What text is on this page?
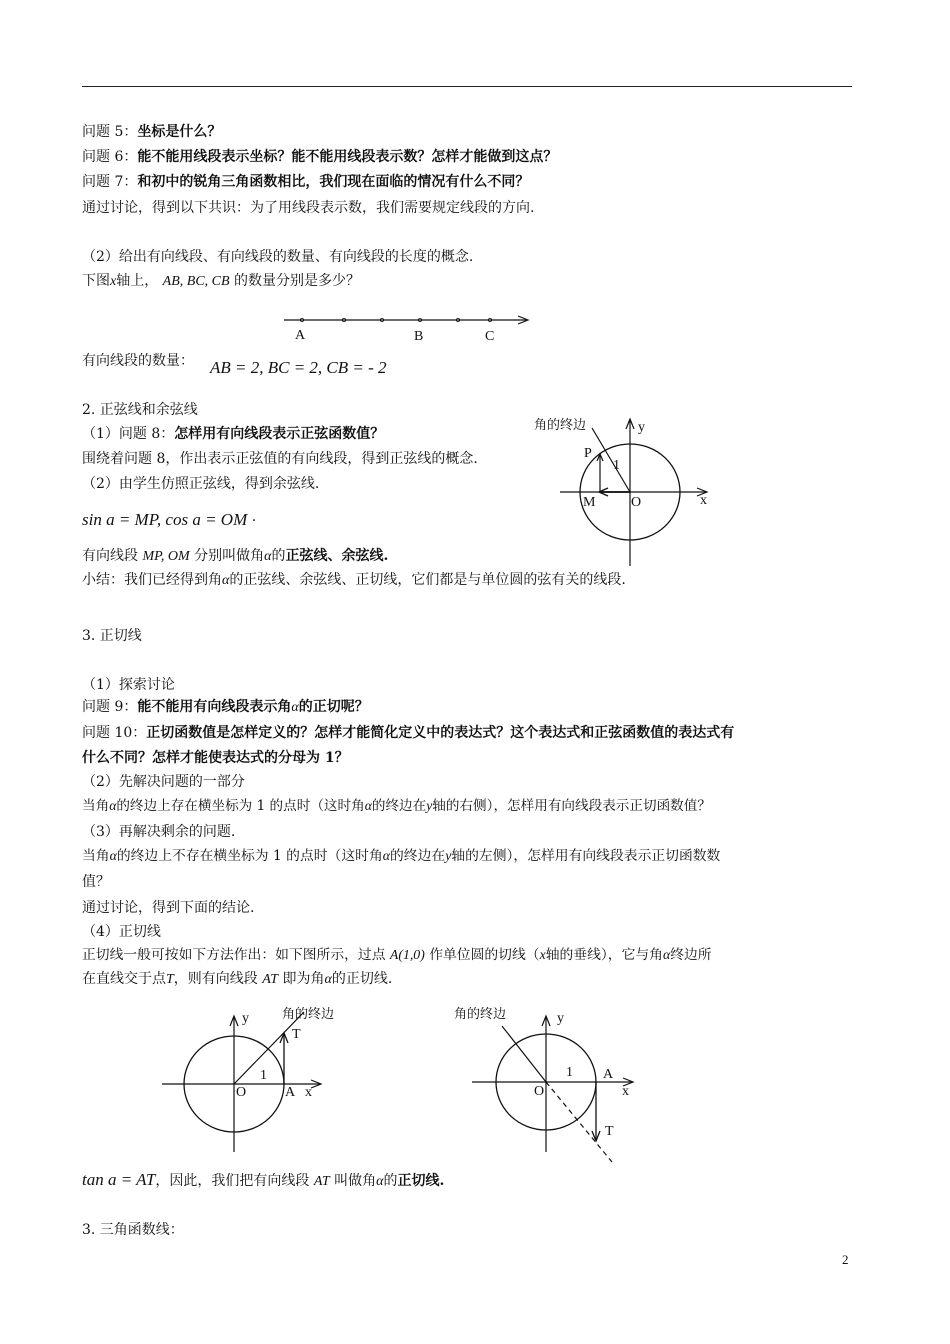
问题 5：坐标是什么？
问题 6：能不能用线段表示坐标？能不能用线段表示数？怎样才能做到这点？
问题 7：和初中的锐角三角函数相比，我们现在面临的情况有什么不同？
通过讨论，得到以下共识：为了用线段表示数，我们需要规定线段的方向.
（2）给出有向线段、有向线段的数量、有向线段的长度的概念.
下图x轴上， AB, BC, CB 的数量分别是多少？
A	B	C
有向线段的数量： AB = 2, BC = 2, CB = - 2
2. 正弦线和余弦线
（1）问题 8：怎样用有向线段表示正弦函数值？
围绕着问题 8，作出表示正弦值的有向线段，得到正弦线的概念.
（2）由学生仿照正弦线，得到余弦线.
sin a = MP, cos a = OM ·
有向线段 MP, OM 分别叫做角α的正弦线、余弦线.
小结：我们已经得到角α的正弦线、余弦线、正切线，它们都是与单位圆的弦有关的线段.
角的终边	y
x
P
1
M	O
3. 正切线
（1）探索讨论
问题 9：能不能用有向线段表示角α的正切呢？
问题 10：正切函数值是怎样定义的？怎样才能简化定义中的表达式？这个表达式和正弦函数值的表达式有
什么不同？怎样才能使表达式的分母为 1？
（2）先解决问题的一部分
当角α的终边上存在横坐标为 1 的点时（这时角α的终边在y轴的右侧），怎样用有向线段表示正切函数值？
（3）再解决剩余的问题.
当角α的终边上不存在横坐标为 1 的点时（这时角α的终边在y轴的左侧），怎样用有向线段表示正切函数数
值？
通过讨论，得到下面的结论.
（4）正切线
正切线一般可按如下方法作出：如下图所示，过点 A(1,0) 作单位圆的切线（x轴的垂线），它与角α终边所
在直线交于点T，则有向线段 AT 即为角α的正切线.
角的终边
y
x
T
1
O	A
角的终边	y
x
T
1
O
A
tan a = AT，因此，我们把有向线段 AT 叫做角α的正切线.
3. 三角函数线：
2
